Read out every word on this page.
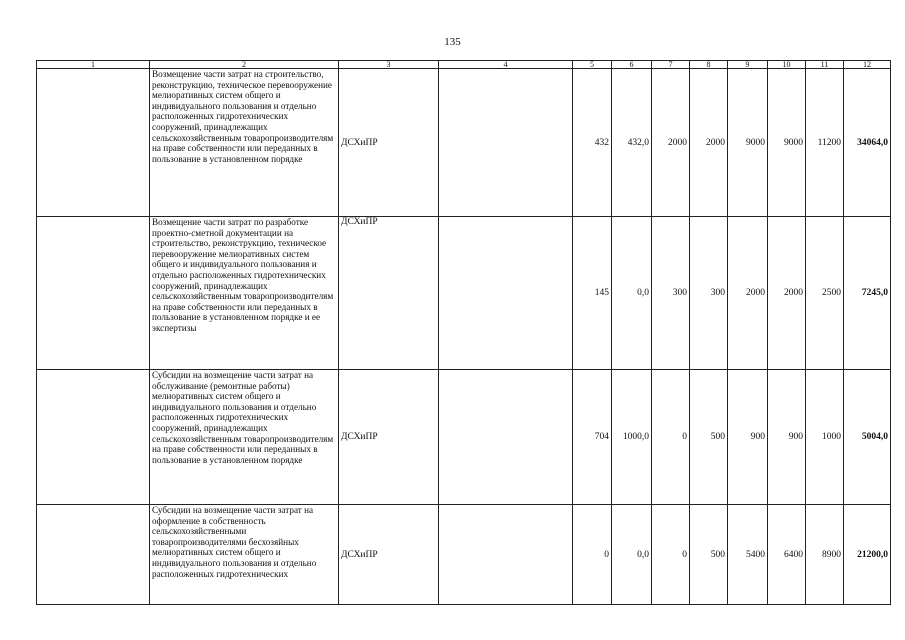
135
1	2	3	4	5	6	7	8	9	10	11	12
	Возмещение части затрат на строительство, реконструкцию, техническое перевооружение мелиоративных систем общего и индивидуального пользования и отдельно расположенных гидротехнических сооружений, принадлежащих сельскохозяйственным товаропроизводителям на праве собственности или переданных в пользование в установленном порядке	ДСХиПР		432	432,0	2000	2000	9000	9000	11200	34064,0
	Возмещение части затрат по разработке проектно-сметной документации на строительство, реконструкцию, техническое перевооружение мелиоративных систем общего и индивидуального пользования и отдельно расположенных гидротехнических сооружений, принадлежащих сельскохозяйственным товаропроизводителям на праве собственности или переданных в пользование в установленном порядке и ее экспертизы	ДСХиПР		145	0,0	300	300	2000	2000	2500	7245,0
	Субсидии на возмещение части затрат на обслуживание (ремонтные работы) мелиоративных систем общего и индивидуального пользования и отдельно расположенных гидротехнических сооружений, принадлежащих сельскохозяйственным товаропроизводителям на праве собственности или переданных в пользование в установленном порядке	ДСХиПР		704	1000,0	0	500	900	900	1000	5004,0
	Субсидии на возмещение части затрат на оформление в собственность сельскохозяйственными товаропроизводителями бесхозяйных мелиоративных систем общего и индивидуального пользования и отдельно расположенных гидротехнических	ДСХиПР		0	0,0	0	500	5400	6400	8900	21200,0
